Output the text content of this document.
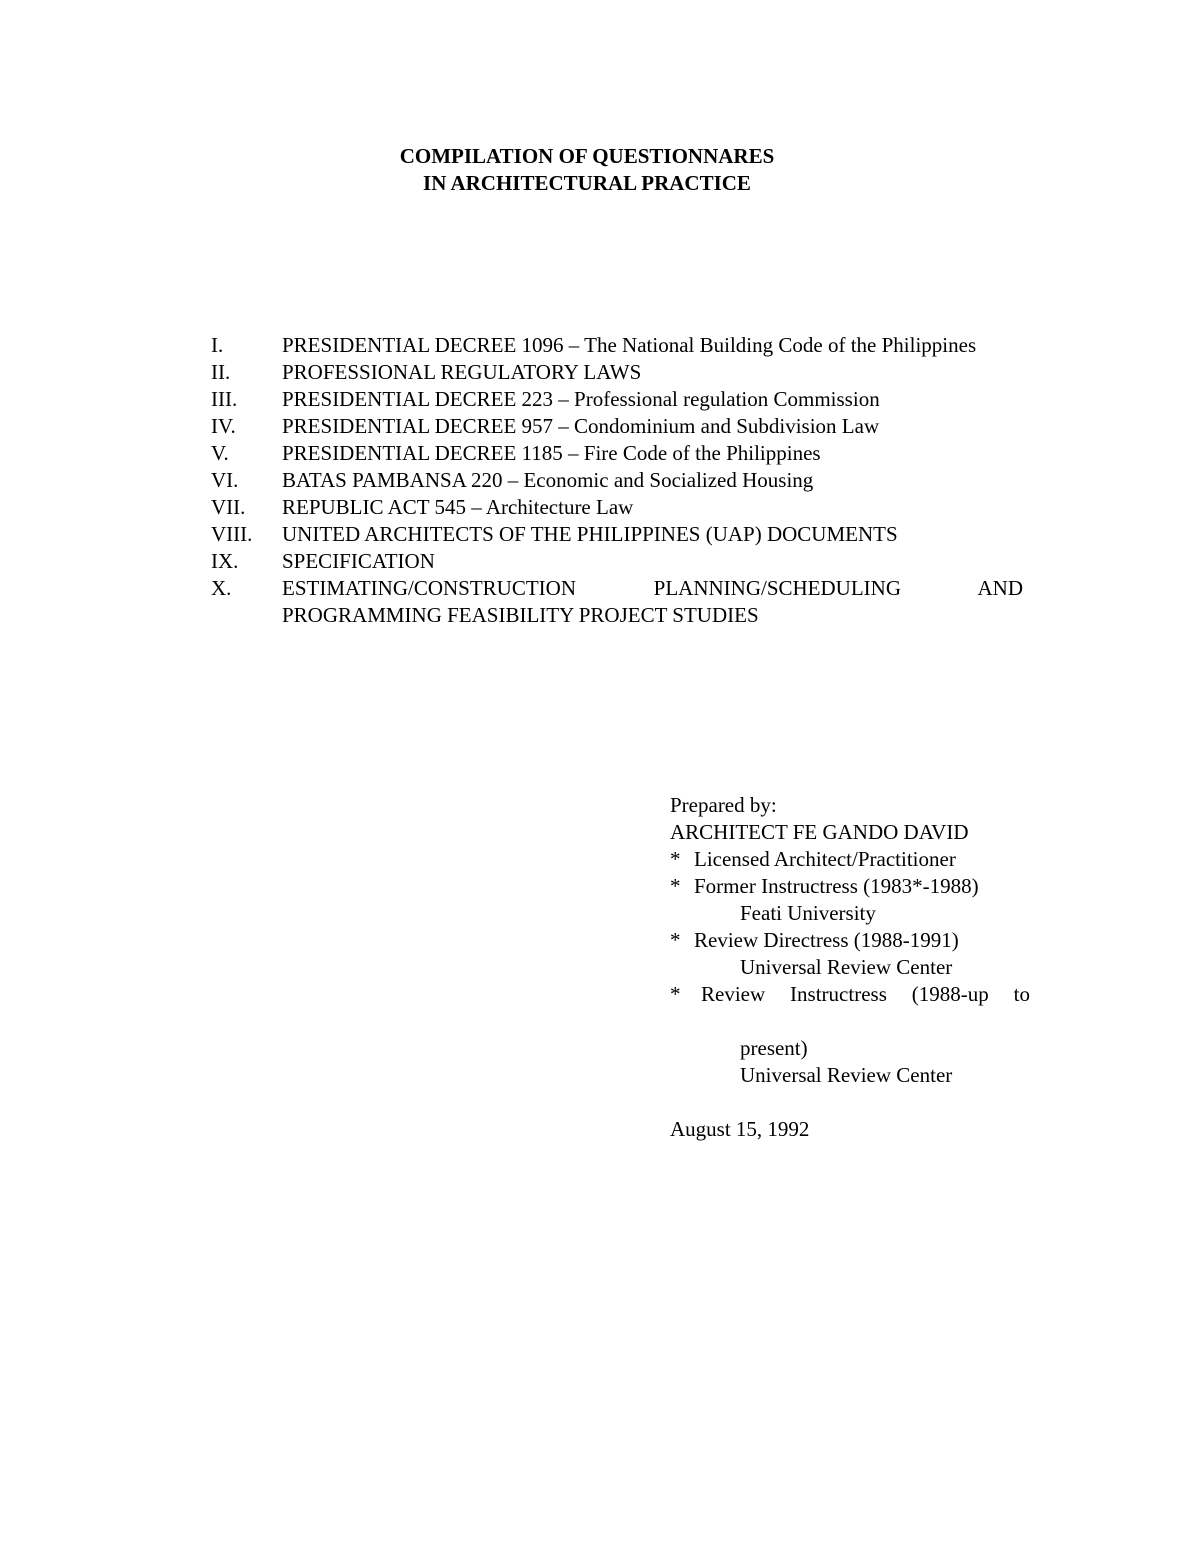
COMPILATION OF QUESTIONNARES
IN ARCHITECTURAL PRACTICE
I.	PRESIDENTIAL DECREE 1096 – The National Building Code of the Philippines
II.	PROFESSIONAL REGULATORY LAWS
III.	PRESIDENTIAL DECREE 223 – Professional regulation Commission
IV.	PRESIDENTIAL DECREE 957 – Condominium and Subdivision Law
V.	PRESIDENTIAL DECREE 1185 – Fire Code of the Philippines
VI.	BATAS PAMBANSA 220 – Economic and Socialized Housing
VII.	REPUBLIC ACT 545 – Architecture Law
VIII.	UNITED ARCHITECTS OF THE PHILIPPINES (UAP) DOCUMENTS
IX.	SPECIFICATION
X.	ESTIMATING/CONSTRUCTION PLANNING/SCHEDULING AND PROGRAMMING FEASIBILITY PROJECT STUDIES
Prepared by:
ARCHITECT FE GANDO DAVID
* Licensed Architect/Practitioner
* Former Instructress (1983*-1988)
Feati University
* Review Directress (1988-1991)
Universal Review Center
* Review Instructress (1988-up to
present)
Universal Review Center
August 15, 1992
